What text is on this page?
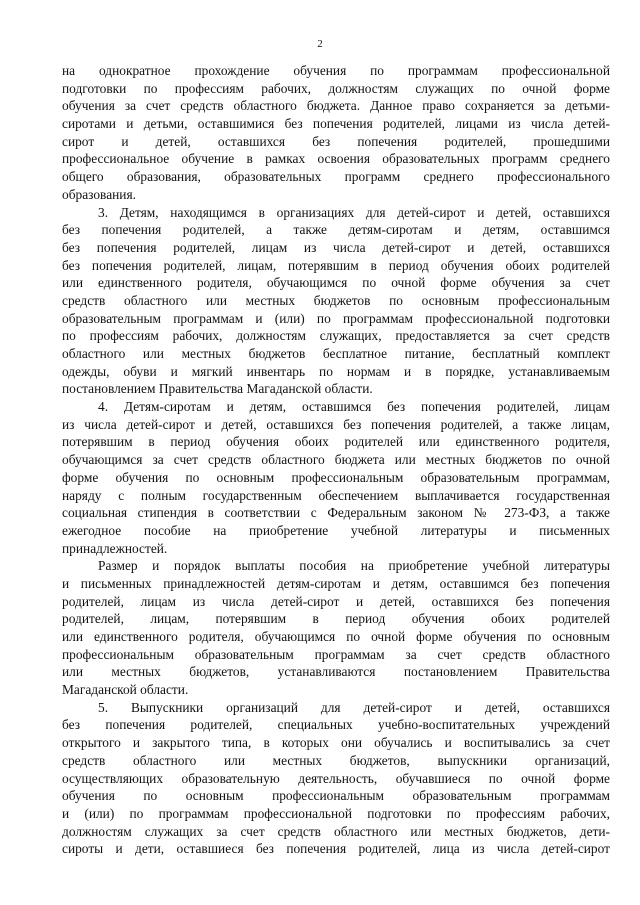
2
на однократное прохождение обучения по программам профессиональной
подготовки по профессиям рабочих, должностям служащих по очной форме
обучения за счет средств областного бюджета. Данное право сохраняется за детьми-
сиротами и детьми, оставшимися без попечения родителей, лицами из числа детей-
сирот и детей, оставшихся без попечения родителей, прошедшими
профессиональное обучение в рамках освоения образовательных программ среднего
общего образования, образовательных программ среднего профессионального
образования.
3. Детям, находящимся в организациях для детей-сирот и детей, оставшихся
без попечения родителей, а также детям-сиротам и детям, оставшимся
без попечения родителей, лицам из числа детей-сирот и детей, оставшихся
без попечения родителей, лицам, потерявшим в период обучения обоих родителей
или единственного родителя, обучающимся по очной форме обучения за счет
средств областного или местных бюджетов по основным профессиональным
образовательным программам и (или) по программам профессиональной подготовки
по профессиям рабочих, должностям служащих, предоставляется за счет средств
областного или местных бюджетов бесплатное питание, бесплатный комплект
одежды, обуви и мягкий инвентарь по нормам и в порядке, устанавливаемым
постановлением Правительства Магаданской области.
4. Детям-сиротам и детям, оставшимся без попечения родителей, лицам
из числа детей-сирот и детей, оставшихся без попечения родителей, а также лицам,
потерявшим в период обучения обоих родителей или единственного родителя,
обучающимся за счет средств областного бюджета или местных бюджетов по очной
форме обучения по основным профессиональным образовательным программам,
наряду с полным государственным обеспечением выплачивается государственная
социальная стипендия в соответствии с Федеральным законом № 273-ФЗ, а также
ежегодное пособие на приобретение учебной литературы и письменных
принадлежностей.
Размер и порядок выплаты пособия на приобретение учебной литературы
и письменных принадлежностей детям-сиротам и детям, оставшимся без попечения
родителей, лицам из числа детей-сирот и детей, оставшихся без попечения
родителей, лицам, потерявшим в период обучения обоих родителей
или единственного родителя, обучающимся по очной форме обучения по основным
профессиональным образовательным программам за счет средств областного
или местных бюджетов, устанавливаются постановлением Правительства
Магаданской области.
5. Выпускники организаций для детей-сирот и детей, оставшихся
без попечения родителей, специальных учебно-воспитательных учреждений
открытого и закрытого типа, в которых они обучались и воспитывались за счет
средств областного или местных бюджетов, выпускники организаций,
осуществляющих образовательную деятельность, обучавшиеся по очной форме
обучения по основным профессиональным образовательным программам
и (или) по программам профессиональной подготовки по профессиям рабочих,
должностям служащих за счет средств областного или местных бюджетов, дети-
сироты и дети, оставшиеся без попечения родителей, лица из числа детей-сирот
